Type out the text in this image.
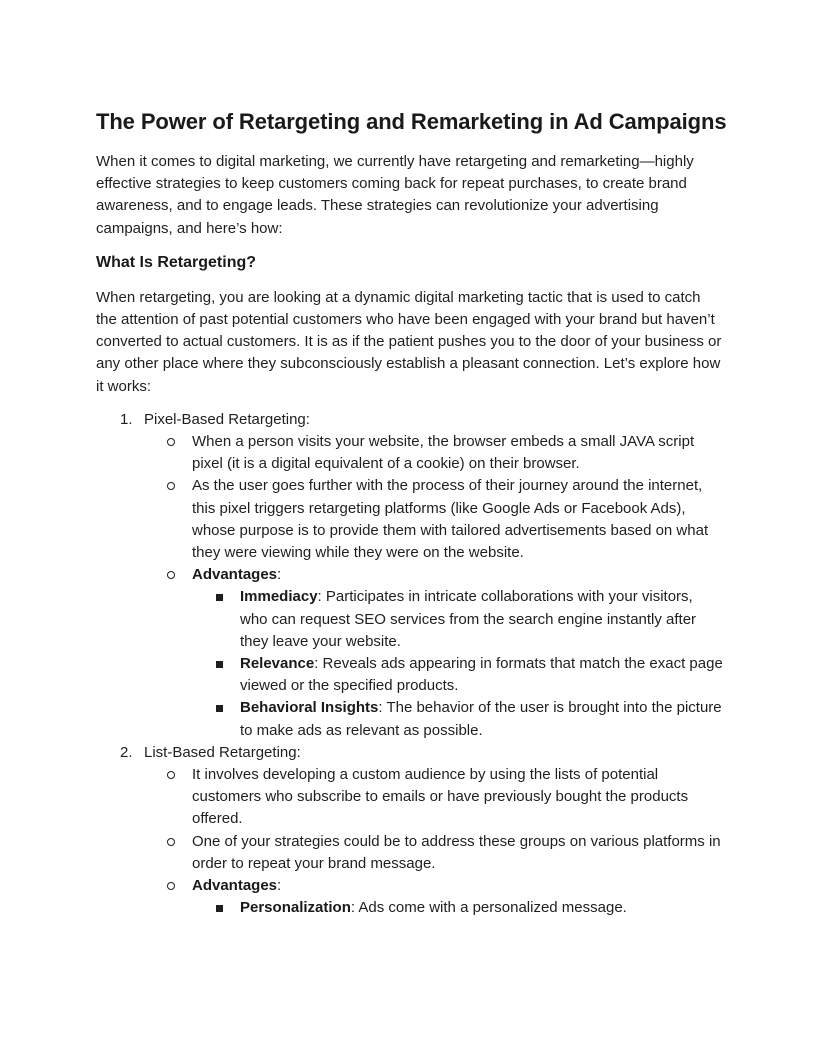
The Power of Retargeting and Remarketing in Ad Campaigns

When it comes to digital marketing, we currently have retargeting and remarketing—highly effective strategies to keep customers coming back for repeat purchases, to create brand awareness, and to engage leads. These strategies can revolutionize your advertising campaigns, and here’s how:

What Is Retargeting?

When retargeting, you are looking at a dynamic digital marketing tactic that is used to catch the attention of past potential customers who have been engaged with your brand but haven’t converted to actual customers. It is as if the patient pushes you to the door of your business or any other place where they subconsciously establish a pleasant connection. Let’s explore how it works:

1. Pixel-Based Retargeting:
When a person visits your website, the browser embeds a small JAVA script pixel (it is a digital equivalent of a cookie) on their browser.
As the user goes further with the process of their journey around the internet, this pixel triggers retargeting platforms (like Google Ads or Facebook Ads), whose purpose is to provide them with tailored advertisements based on what they were viewing while they were on the website.
Advantages:
Immediacy: Participates in intricate collaborations with your visitors, who can request SEO services from the search engine instantly after they leave your website.
Relevance: Reveals ads appearing in formats that match the exact page viewed or the specified products.
Behavioral Insights: The behavior of the user is brought into the picture to make ads as relevant as possible.
2. List-Based Retargeting:
It involves developing a custom audience by using the lists of potential customers who subscribe to emails or have previously bought the products offered.
One of your strategies could be to address these groups on various platforms in order to repeat your brand message.
Advantages:
Personalization: Ads come with a personalized message.
